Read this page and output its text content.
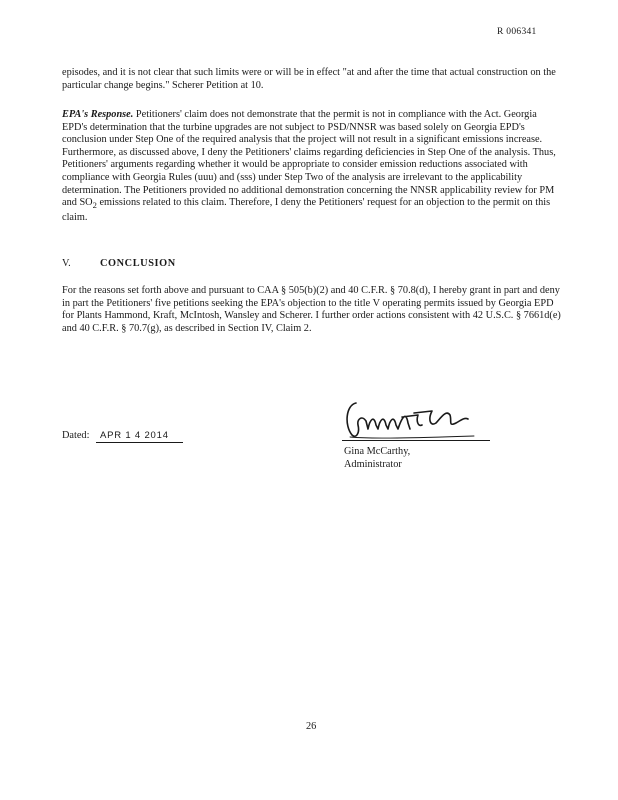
R 006341

episodes, and it is not clear that such limits were or will be in effect "at and after the time that actual construction on the particular change begins." Scherer Petition at 10.

EPA's Response. Petitioners' claim does not demonstrate that the permit is not in compliance with the Act. Georgia EPD's determination that the turbine upgrades are not subject to PSD/NNSR was based solely on Georgia EPD's conclusion under Step One of the required analysis that the project will not result in a significant emissions increase. Furthermore, as discussed above, I deny the Petitioners' claims regarding deficiencies in Step One of the analysis. Thus, Petitioners' arguments regarding whether it would be appropriate to consider emission reductions associated with compliance with Georgia Rules (uuu) and (sss) under Step Two of the analysis are irrelevant to the applicability determination. The Petitioners provided no additional demonstration concerning the NNSR applicability review for PM and $SO_2$ emissions related to this claim. Therefore, I deny the Petitioners' request for an objection to the permit on this claim.

V.	CONCLUSION

For the reasons set forth above and pursuant to CAA § 505(b)(2) and 40 C.F.R. § 70.8(d), I hereby grant in part and deny in part the Petitioners' five petitions seeking the EPA's objection to the title V operating permits issued by Georgia EPD for Plants Hammond, Kraft, McIntosh, Wansley and Scherer. I further order actions consistent with 42 U.S.C. § 7661d(e) and 40 C.F.R. § 70.7(g), as described in Section IV, Claim 2.

Dated: APR 1 4 2014
Gina McCarthy,
Administrator
26
